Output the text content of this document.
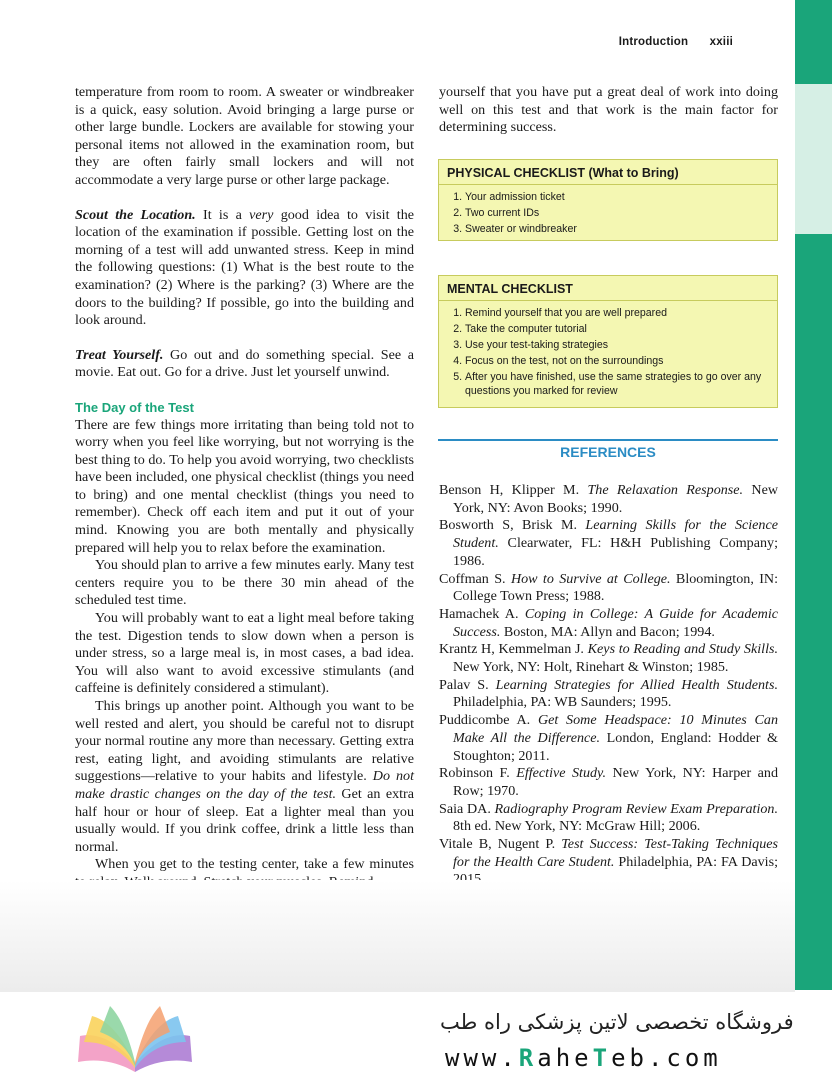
Introduction xxiii

temperature from room to room. A sweater or windbreaker is a quick, easy solution. Avoid bringing a large purse or other large bundle. Lockers are available for stowing your personal items not allowed in the examination room, but they are often fairly small lockers and will not accommodate a very large purse or other large package.

Scout the Location. It is a very good idea to visit the location of the examination if possible. Getting lost on the morning of a test will add unwanted stress. Keep in mind the following questions: (1) What is the best route to the examination? (2) Where is the parking? (3) Where are the doors to the building? If possible, go into the building and look around.

Treat Yourself. Go out and do something special. See a movie. Eat out. Go for a drive. Just let yourself unwind.

The Day of the Test

There are few things more irritating than being told not to worry when you feel like worrying, but not worrying is the best thing to do. To help you avoid worrying, two checklists have been included, one physical checklist (things you need to bring) and one mental checklist (things you need to remember). Check off each item and put it out of your mind. Knowing you are both mentally and physically prepared will help you to relax before the examination.

You should plan to arrive a few minutes early. Many test centers require you to be there 30 min ahead of the scheduled test time.

You will probably want to eat a light meal before taking the test. Digestion tends to slow down when a person is under stress, so a large meal is, in most cases, a bad idea. You will also want to avoid excessive stimulants (and caffeine is definitely considered a stimulant).

This brings up another point. Although you want to be well rested and alert, you should be careful not to disrupt your normal routine any more than necessary. Getting extra rest, eating light, and avoiding stimulants are relative suggestions—relative to your habits and lifestyle. Do not make drastic changes on the day of the test. Get an extra half hour or hour of sleep. Eat a lighter meal than you usually would. If you drink coffee, drink a little less than normal.

When you get to the testing center, take a few minutes

yourself that you have put a great deal of work into doing well on this test and that work is the main factor for determining success.

PHYSICAL CHECKLIST (What to Bring)
1. Your admission ticket
2. Two current IDs
3. Sweater or windbreaker
MENTAL CHECKLIST
1. Remind yourself that you are well prepared
2. Take the computer tutorial
3. Use your test-taking strategies
4. Focus on the test, not on the surroundings
5. After you have finished, use the same strategies to go over any questions you marked for review
REFERENCES
Benson H, Klipper M. The Relaxation Response. New York, NY: Avon Books; 1990.
Bosworth S, Brisk M. Learning Skills for the Science Student. Clearwater, FL: H&H Publishing Company; 1986.
Coffman S. How to Survive at College. Bloomington, IN: College Town Press; 1988.
Hamachek A. Coping in College: A Guide for Academic Success. Boston, MA: Allyn and Bacon; 1994.
Krantz H, Kemmelman J. Keys to Reading and Study Skills. New York, NY: Holt, Rinehart & Winston; 1985.
Palav S. Learning Strategies for Allied Health Students. Philadelphia, PA: WB Saunders; 1995.
Puddicombe A. Get Some Headspace: 10 Minutes Can Make All the Difference. London, England: Hodder & Stoughton; 2011.
Robinson F. Effective Study. New York, NY: Harper and Row; 1970.
Saia DA. Radiography Program Review Exam Preparation. 8th ed. New York, NY: McGraw Hill; 2006.
Vitale B, Nugent P. Test Success: Test-Taking Techniques for the Health Care Student. Philadelphia, PA: FA Davis;
فروشگاه تخصصی لاتین پزشکی راه طب
www.RaheTeb.com
